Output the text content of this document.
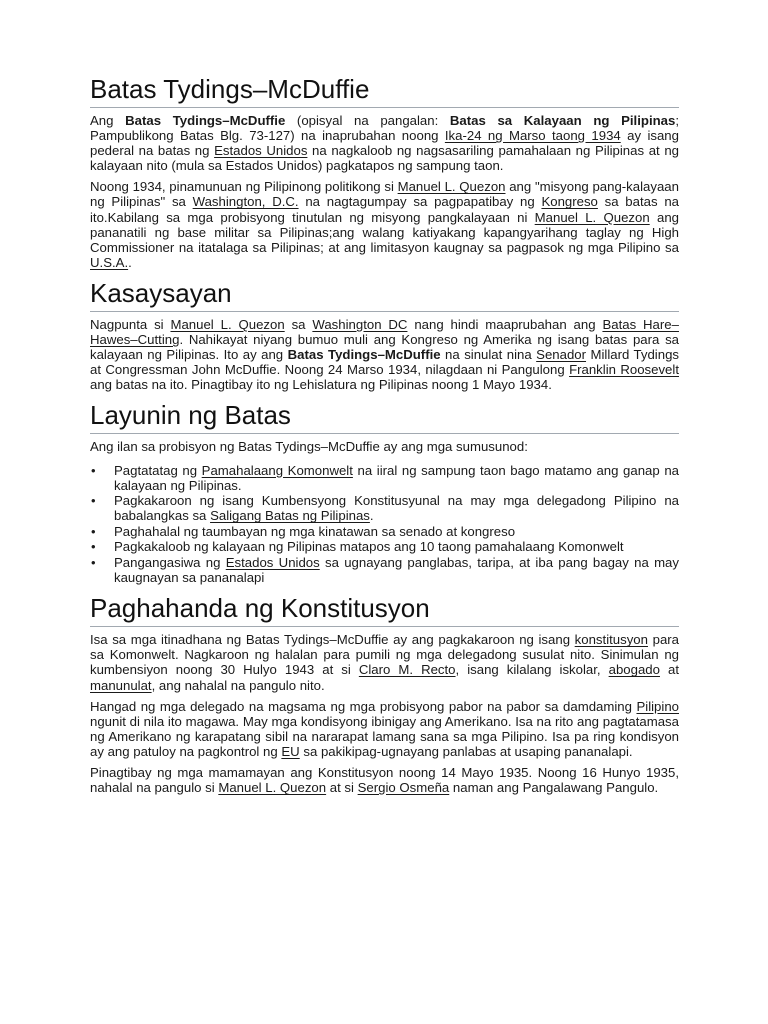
Batas Tydings–McDuffie

Ang Batas Tydings–McDuffie (opisyal na pangalan: Batas sa Kalayaan ng Pilipinas; Pampublikong Batas Blg. 73-127) na inaprubahan noong Ika-24 ng Marso taong 1934 ay isang pederal na batas ng Estados Unidos na nagkaloob ng nagsasariling pamahalaan ng Pilipinas at ng kalayaan nito (mula sa Estados Unidos) pagkatapos ng sampung taon.

Noong 1934, pinamunuan ng Pilipinong politikong si Manuel L. Quezon ang "misyong pang-kalayaan ng Pilipinas" sa Washington, D.C. na nagtagumpay sa pagpapatibay ng Kongreso sa batas na ito.Kabilang sa mga probisyong tinutulan ng misyong pangkalayaan ni Manuel L. Quezon ang pananatili ng base militar sa Pilipinas;ang walang katiyakang kapangyarihang taglay ng High Commissioner na itatalaga sa Pilipinas; at ang limitasyon kaugnay sa pagpasok ng mga Pilipino sa U.S.A..

Kasaysayan

Nagpunta si Manuel L. Quezon sa Washington DC nang hindi maaprubahan ang Batas Hare–Hawes–Cutting. Nahikayat niyang bumuo muli ang Kongreso ng Amerika ng isang batas para sa kalayaan ng Pilipinas. Ito ay ang Batas Tydings–McDuffie na sinulat nina Senador Millard Tydings at Congressman John McDuffie. Noong 24 Marso 1934, nilagdaan ni Pangulong Franklin Roosevelt ang batas na ito. Pinagtibay ito ng Lehislatura ng Pilipinas noong 1 Mayo 1934.

Layunin ng Batas

Ang ilan sa probisyon ng Batas Tydings–McDuffie ay ang mga sumusunod:

• Pagtatatag ng Pamahalaang Komonwelt na iiral ng sampung taon bago matamo ang ganap na kalayaan ng Pilipinas.
• Pagkakaroon ng isang Kumbensyong Konstitusyunal na may mga delegadong Pilipino na babalangkas sa Saligang Batas ng Pilipinas.
• Paghahalal ng taumbayan ng mga kinatawan sa senado at kongreso
• Pagkakaloob ng kalayaan ng Pilipinas matapos ang 10 taong pamahalaang Komonwelt
• Pangangasiwa ng Estados Unidos sa ugnayang panglabas, taripa, at iba pang bagay na may kaugnayan sa pananalapi
Paghahanda ng Konstitusyon

Isa sa mga itinadhana ng Batas Tydings–McDuffie ay ang pagkakaroon ng isang konstitusyon para sa Komonwelt. Nagkaroon ng halalan para pumili ng mga delegadong susulat nito. Sinimulan ng kumbensiyon noong 30 Hulyo 1943 at si Claro M. Recto, isang kilalang iskolar, abogado at manunulat, ang nahalal na pangulo nito.

Hangad ng mga delegado na magsama ng mga probisyong pabor na pabor sa damdaming Pilipino ngunit di nila ito magawa. May mga kondisyong ibinigay ang Amerikano. Isa na rito ang pagtatamasa ng Amerikano ng karapatang sibil na nararapat lamang sana sa mga Pilipino. Isa pa ring kondisyon ay ang patuloy na pagkontrol ng EU sa pakikipag-ugnayang panlabas at usaping pananalapi.

Pinagtibay ng mga mamamayan ang Konstitusyon noong 14 Mayo 1935. Noong 16 Hunyo 1935, nahalal na pangulo si Manuel L. Quezon at si Sergio Osmeña naman ang Pangalawang Pangulo.
